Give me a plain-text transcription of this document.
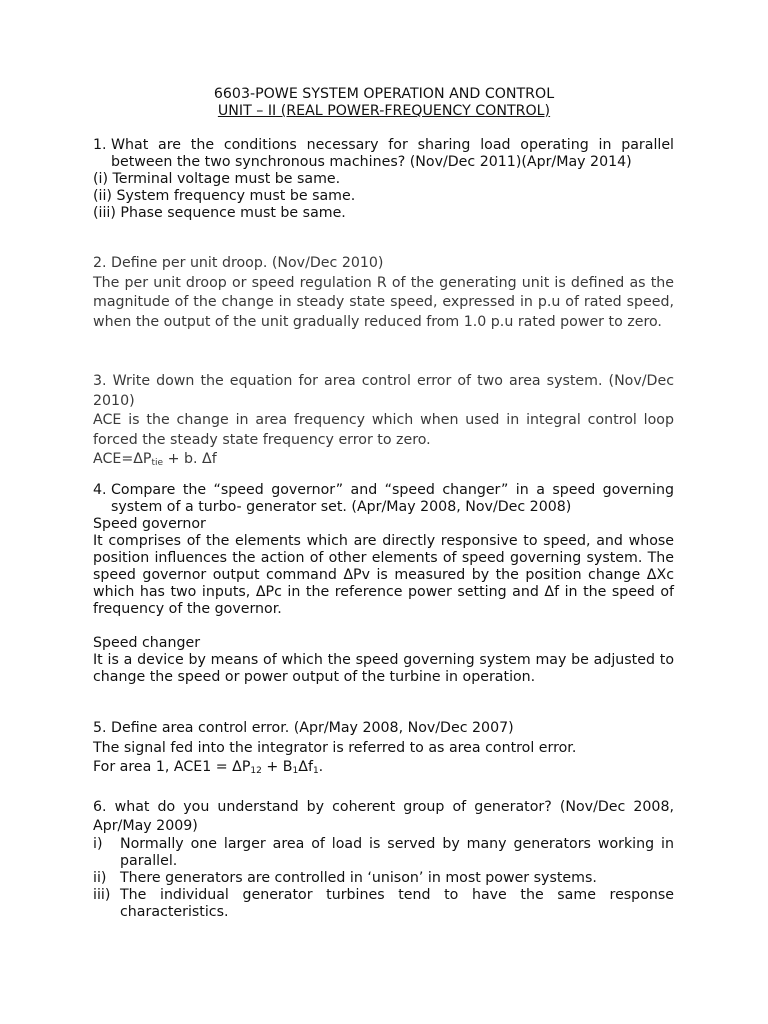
6603-POWE SYSTEM OPERATION AND CONTROL
UNIT – II (REAL POWER-FREQUENCY CONTROL)
1. What are the conditions necessary for sharing load operating in parallel between the two synchronous machines? (Nov/Dec 2011)(Apr/May 2014)
(i) Terminal voltage must be same.
(ii) System frequency must be same.
(iii) Phase sequence must be same.
2. Define per unit droop. (Nov/Dec 2010)
The per unit droop or speed regulation R of the generating unit is defined as the magnitude of the change in steady state speed, expressed in p.u of rated speed, when the output of the unit gradually reduced from 1.0 p.u rated power to zero.
3. Write down the equation for area control error of two area system. (Nov/Dec 2010)
ACE is the change in area frequency which when used in integral control loop forced the steady state frequency error to zero.
$ACE=\Delta P_{tie} + b$. Δf
4. Compare the “speed governor” and “speed changer” in a speed governing system of a turbo- generator set. (Apr/May 2008, Nov/Dec 2008)
Speed governor
It comprises of the elements which are directly responsive to speed, and whose position influences the action of other elements of speed governing system. The speed governor output command ΔPv is measured by the position change ΔXc which has two inputs, ΔPc in the reference power setting and Δf in the speed of frequency of the governor.
Speed changer
It is a device by means of which the speed governing system may be adjusted to change the speed or power output of the turbine in operation.
5. Define area control error. (Apr/May 2008, Nov/Dec 2007)
The signal fed into the integrator is referred to as area control error.
For area 1, $ACE1 = \Delta P_{12} + B_1\Delta f_1$.
6. what do you understand by coherent group of generator? (Nov/Dec 2008, Apr/May 2009)
i)	Normally one larger area of load is served by many generators working in parallel.
ii) There generators are controlled in ‘unison’ in most power systems.
iii) The individual generator turbines tend to have the same response characteristics.
